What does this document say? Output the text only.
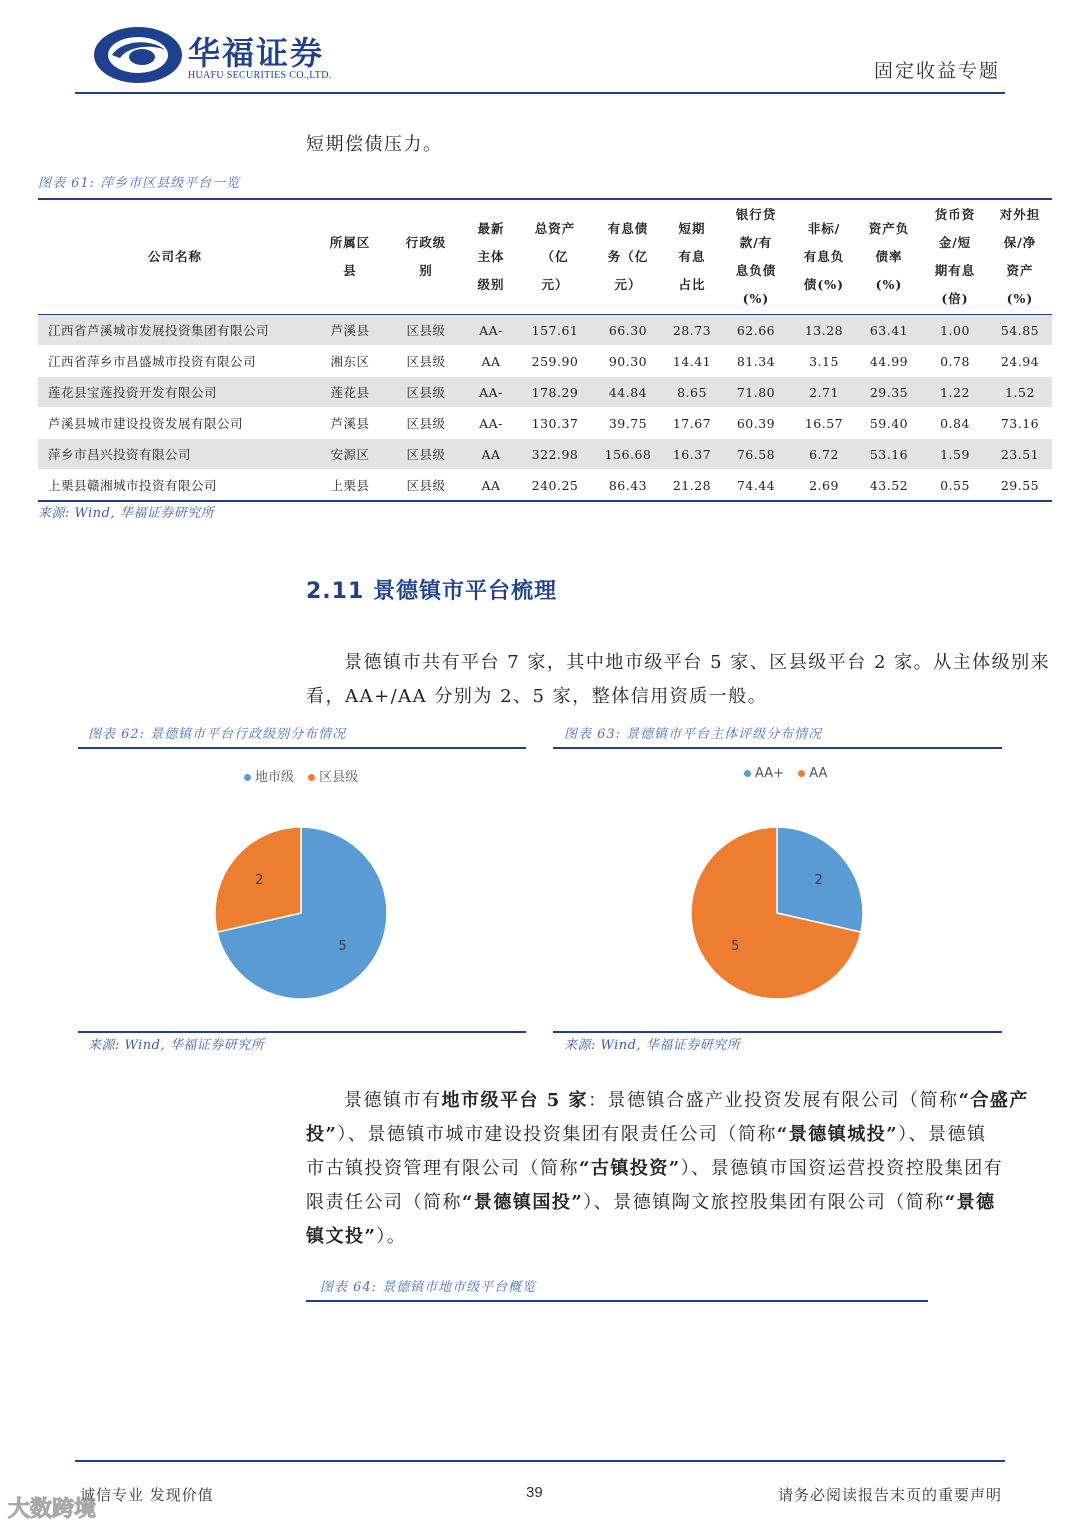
华福证券
HUAFU SECURITIES CO.,LTD.	固定收益专题
短期偿债压力。
图表 61: 萍乡市区县级平台一览
公司名称	所属区县	行政级别	最新主体级别	总资产（亿元）	有息债务（亿元）	短期有息占比	银行贷款/有息负债(%)	非标/有息负债(%)	资产负债率(%)	货币资金/短期有息(倍)	对外担保/净资产(%)

江西省芦溪城市发展投资集团有限公司	芦溪县	区县级	AA-	157.61	66.30	28.73	62.66	13.28	63.41	1.00	54.85
江西省萍乡市昌盛城市投资有限公司	湘东区	区县级	AA	259.90	90.30	14.41	81.34	3.15	44.99	0.78	24.94
莲花县宝莲投资开发有限公司	莲花县	区县级	AA-	178.29	44.84	8.65	71.80	2.71	29.35	1.22	1.52
芦溪县城市建设投资发展有限公司	芦溪县	区县级	AA-	130.37	39.75	17.67	60.39	16.57	59.40	0.84	73.16
萍乡市昌兴投资有限公司	安源区	区县级	AA	322.98	156.68	16.37	76.58	6.72	53.16	1.59	23.51
上栗县赣湘城市投资有限公司	上栗县	区县级	AA	240.25	86.43	21.28	74.44	2.69	43.52	0.55	29.55
来源: Wind, 华福证券研究所
2.11 景德镇市平台梳理
景德镇市共有平台 7 家，其中地市级平台 5 家、区县级平台 2 家。从主体级别来
看，AA+/AA 分别为 2、5 家，整体信用资质一般。
图表 62: 景德镇市平台行政级别分布情况
地市级 区县级
5
2
来源: Wind, 华福证券研究所
图表 63: 景德镇市平台主体评级分布情况
AA+ AA
2
5
来源: Wind, 华福证券研究所
景德镇市有地市级平台 5 家：景德镇合盛产业投资发展有限公司（简称“合盛产
投”）、景德镇市城市建设投资集团有限责任公司（简称“景德镇城投”）、景德镇
市古镇投资管理有限公司（简称“古镇投资”）、景德镇市国资运营投资控股集团有
限责任公司（简称“景德镇国投”）、景德镇陶文旅控股集团有限公司（简称“景德
镇文投”）。
图表 64: 景德镇市地市级平台概览
诚信专业 发现价值	39	请务必阅读报告末页的重要声明
大数跨境
